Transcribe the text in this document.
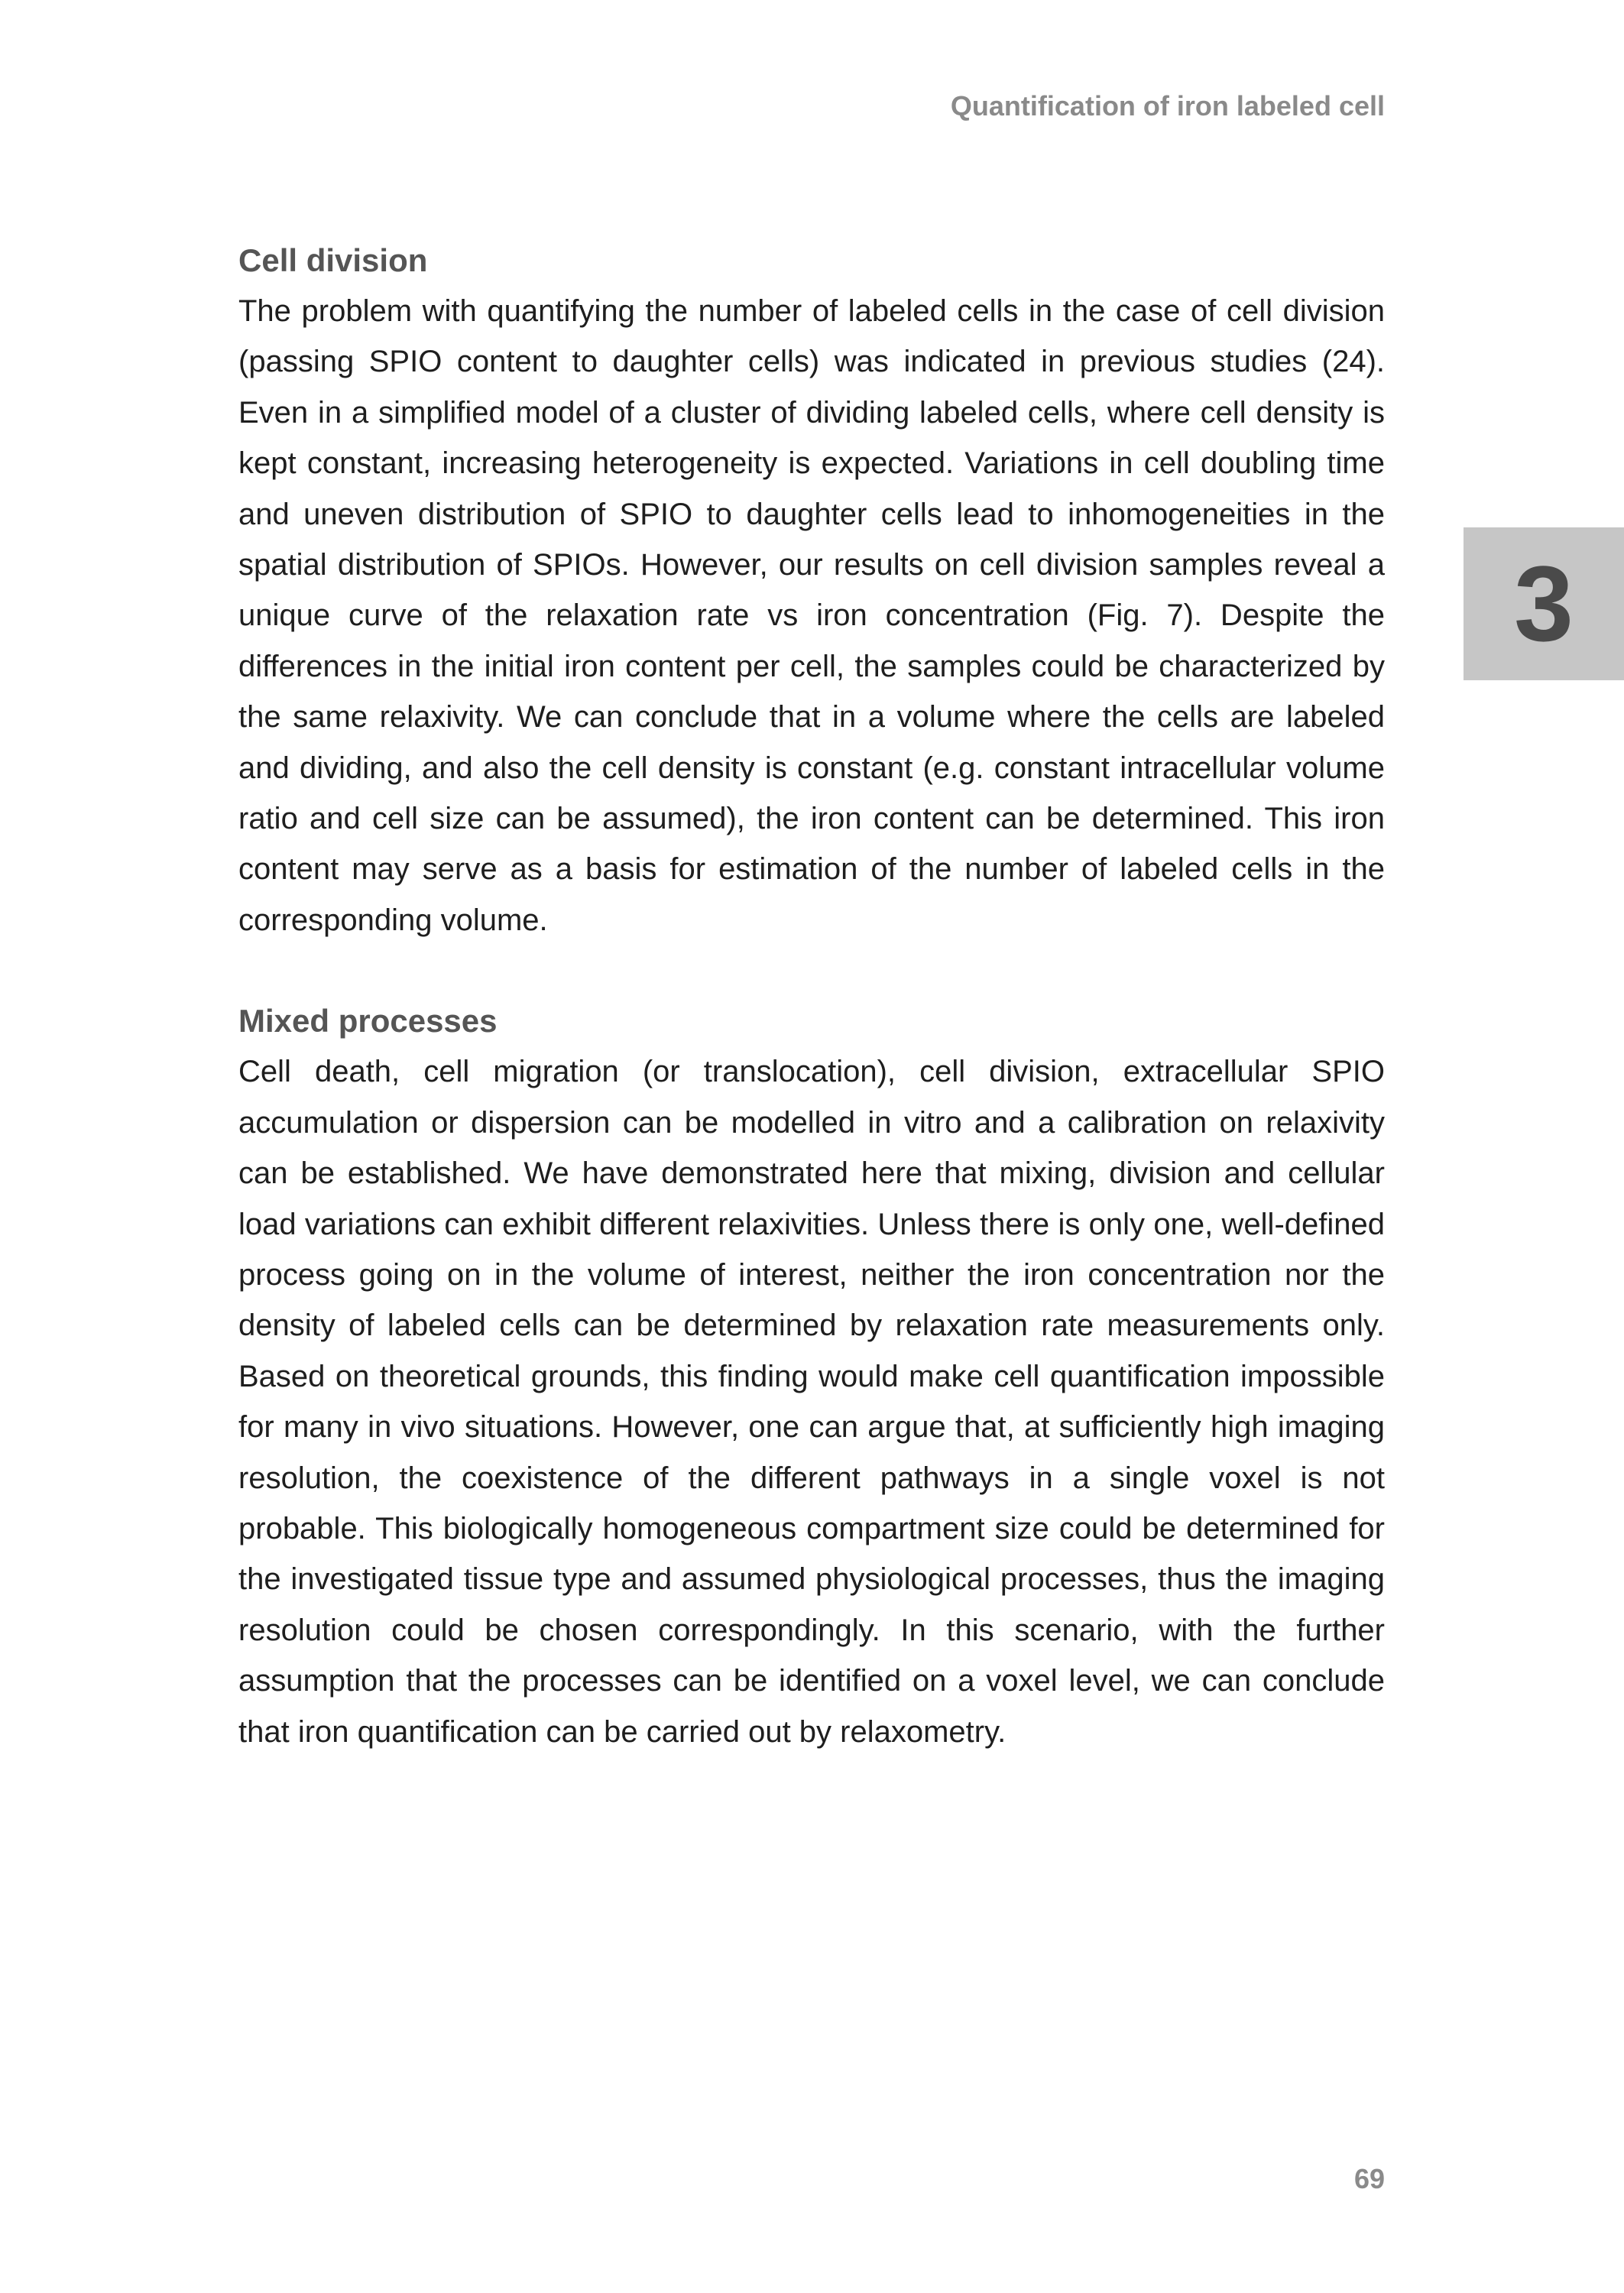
Quantification of iron labeled cell
3
Cell division

The problem with quantifying the number of labeled cells in the case of cell division (passing SPIO content to daughter cells) was indicated in previous studies (24). Even in a simplified model of a cluster of dividing labeled cells, where cell density is kept constant, increasing heterogeneity is expected. Variations in cell doubling time and uneven distribution of SPIO to daughter cells lead to inhomogeneities in the spatial distribution of SPIOs. However, our results on cell division samples reveal a unique curve of the relaxation rate vs iron concentration (Fig. 7). Despite the differences in the initial iron content per cell, the samples could be characterized by the same relaxivity. We can conclude that in a volume where the cells are labeled and dividing, and also the cell density is constant (e.g. constant intracellular volume ratio and cell size can be assumed), the iron content can be determined. This iron content may serve as a basis for estimation of the number of labeled cells in the corresponding volume.

Mixed processes

Cell death, cell migration (or translocation), cell division, extracellular SPIO accumulation or dispersion can be modelled in vitro and a calibration on relaxivity can be established. We have demonstrated here that mixing, division and cellular load variations can exhibit different relaxivities. Unless there is only one, well-defined process going on in the volume of interest, neither the iron concentration nor the density of labeled cells can be determined by relaxation rate measurements only. Based on theoretical grounds, this finding would make cell quantification impossible for many in vivo situations. However, one can argue that, at sufficiently high imaging resolution, the coexistence of the different pathways in a single voxel is not probable. This biologically homogeneous compartment size could be determined for the investigated tissue type and assumed physiological processes, thus the imaging resolution could be chosen correspondingly. In this scenario, with the further assumption that the processes can be identified on a voxel level, we can conclude that iron quantification can be carried out by relaxometry.

69
